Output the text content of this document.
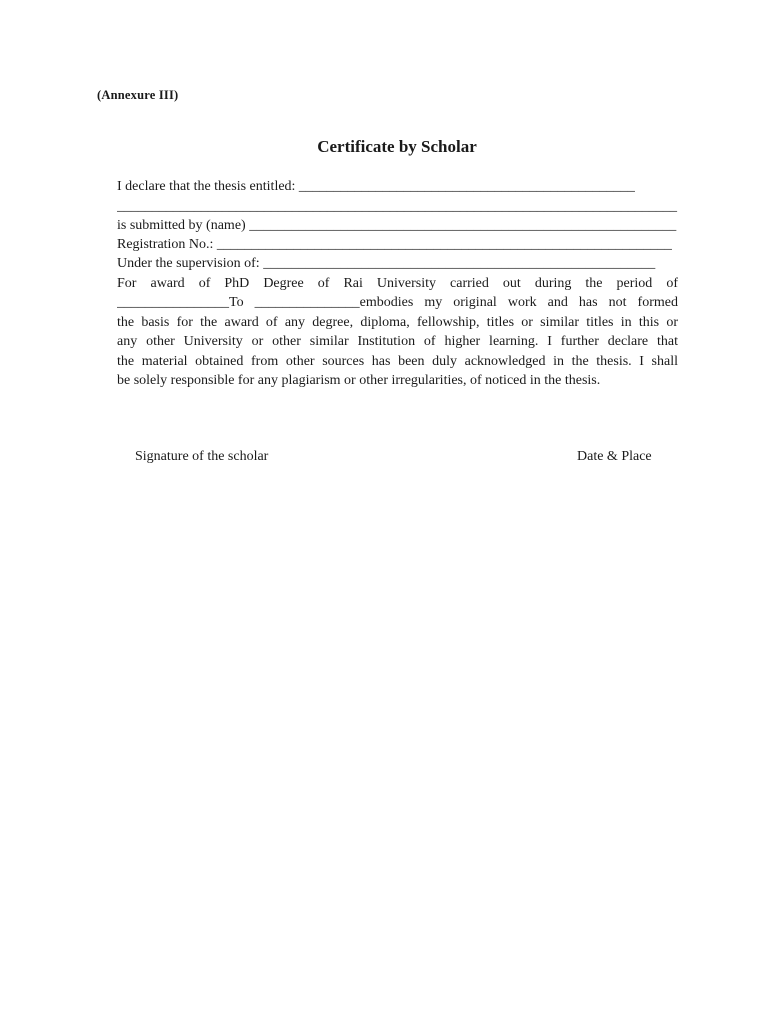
(Annexure III)
Certificate by Scholar
I declare that the thesis entitled: ________________________________________________
________________________________________________________________________________
is submitted by (name) _____________________________________________________________
Registration No.: _________________________________________________________________
Under the supervision of: ________________________________________________________
For award of PhD Degree of Rai University carried out during the period of
________________To _______________embodies my original work and has not formed
the basis for the award of any degree, diploma, fellowship, titles or similar titles in this or
any other University or other similar Institution of higher learning. I further declare that
the material obtained from other sources has been duly acknowledged in the thesis. I shall
be solely responsible for any plagiarism or other irregularities, of noticed in the thesis.
Signature of the scholar	Date & Place
